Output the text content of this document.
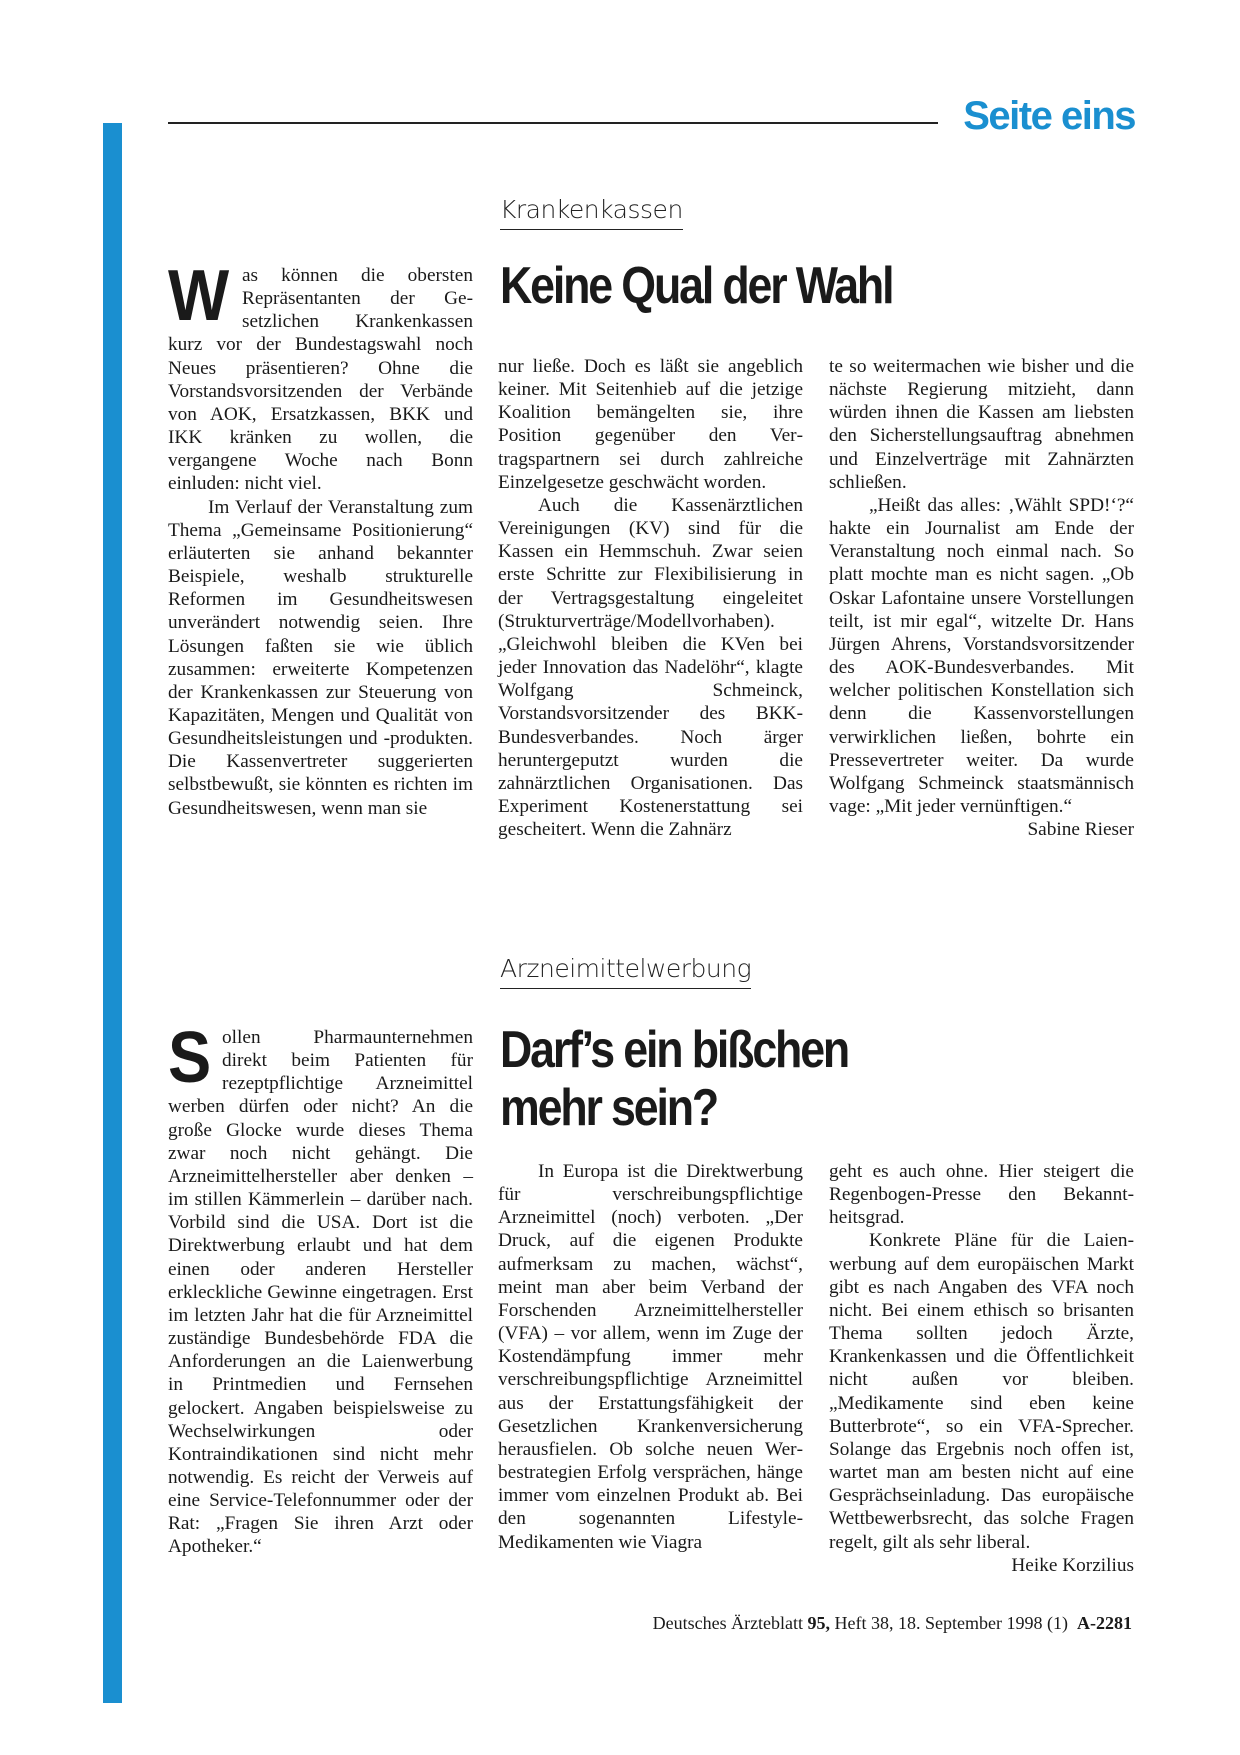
Seite eins
Krankenkassen
Keine Qual der Wahl

Was können die obersten Repräsentanten der Gesetzlichen Krankenkassen kurz vor der Bundestagswahl noch Neues präsentieren? Ohne die Vorstandsvorsitzenden der Verbände von AOK, Ersatzkassen, BKK und IKK kränken zu wollen, die vergangene Woche nach Bonn einluden: nicht viel.

Im Verlauf der Veranstaltung zum Thema „Gemeinsame Positionierung“ erläuterten sie anhand bekannter Beispiele, weshalb strukturelle Reformen im Gesundheitswesen unverändert notwendig seien. Ihre Lösungen faßten sie wie üblich zusammen: erweiterte Kompetenzen der Krankenkassen zur Steuerung von Kapazitäten, Mengen und Qualität von Gesundheitsleistungen und -produkten. Die Kassenvertreter suggerierten selbstbewußt, sie könnten es richten im Gesundheitswesen, wenn man sie

nur ließe. Doch es läßt sie angeblich keiner. Mit Seitenhieb auf die jetzige Koalition bemängelten sie, ihre Position gegenüber den Vertragspartnern sei durch zahlreiche Einzelgesetze geschwächt worden.

Auch die Kassenärztlichen Vereinigungen (KV) sind für die Kassen ein Hemmschuh. Zwar seien erste Schritte zur Flexibilisierung in der Vertragsgestaltung eingeleitet (Strukturverträge/Modellvorhaben). „Gleichwohl bleiben die KVen bei jeder Innovation das Nadelöhr“, klagte Wolfgang Schmeinck, Vorstandsvorsitzender des BKK-Bundesverbandes. Noch ärger heruntergeputzt wurden die zahnärztlichen Organisationen. Das Experiment Kostenerstattung sei gescheitert. Wenn die Zahnärz

te so weitermachen wie bisher und die nächste Regierung mitzieht, dann würden ihnen die Kassen am liebsten den Sicherstellungsauftrag abnehmen und Einzelverträge mit Zahnärzten schließen.

„Heißt das alles: ‚Wählt SPD!‘?“ hakte ein Journalist am Ende der Veranstaltung noch einmal nach. So platt mochte man es nicht sagen. „Ob Oskar Lafontaine unsere Vorstellungen teilt, ist mir egal“, witzelte Dr. Hans Jürgen Ahrens, Vorstandsvorsitzender des AOK-Bundesverbandes. Mit welcher politischen Konstellation sich denn die Kassenvorstellungen verwirklichen ließen, bohrte ein Pressevertreter weiter. Da wurde Wolfgang Schmeinck staatsmännisch vage: „Mit jeder vernünftigen.“
Sabine Rieser

Arzneimittelwerbung
Darf’s ein bißchen
mehr sein?

Sollen Pharmaunternehmen direkt beim Patienten für rezeptpflichtige Arzneimittel werben dürfen oder nicht? An die große Glocke wurde dieses Thema zwar noch nicht gehängt. Die Arzneimittelhersteller aber denken – im stillen Kämmerlein – darüber nach. Vorbild sind die USA. Dort ist die Direktwerbung erlaubt und hat dem einen oder anderen Hersteller erkleckliche Gewinne eingetragen. Erst im letzten Jahr hat die für Arzneimittel zuständige Bundesbehörde FDA die Anforderungen an die Laienwerbung in Printmedien und Fernsehen gelockert. Angaben beispielsweise zu Wechselwirkungen oder Kontraindikationen sind nicht mehr notwendig. Es reicht der Verweis auf eine Service-Telefonnummer oder der Rat: „Fragen Sie ihren Arzt oder Apotheker.“

In Europa ist die Direktwerbung für verschreibungspflichtige Arzneimittel (noch) verboten. „Der Druck, auf die eigenen Produkte aufmerksam zu machen, wächst“, meint man aber beim Verband der Forschenden Arzneimittelhersteller (VFA) – vor allem, wenn im Zuge der Kostendämpfung immer mehr verschreibungspflichtige Arzneimittel aus der Erstattungsfähigkeit der Gesetzlichen Krankenversicherung herausfielen. Ob solche neuen Werbestrategien Erfolg versprächen, hänge immer vom einzelnen Produkt ab. Bei den sogenannten Lifestyle-Medikamenten wie Viagra

geht es auch ohne. Hier steigert die Regenbogen-Presse den Bekanntheitsgrad.

Konkrete Pläne für die Laienwerbung auf dem europäischen Markt gibt es nach Angaben des VFA noch nicht. Bei einem ethisch so brisanten Thema sollten jedoch Ärzte, Krankenkassen und die Öffentlichkeit nicht außen vor bleiben. „Medikamente sind eben keine Butterbrote“, so ein VFA-Sprecher. Solange das Ergebnis noch offen ist, wartet man am besten nicht auf eine Gesprächseinladung. Das europäische Wettbewerbsrecht, das solche Fragen regelt, gilt als sehr liberal.
Heike Korzilius

Deutsches Ärzteblatt 95, Heft 38, 18. September 1998 (1) A-2281
